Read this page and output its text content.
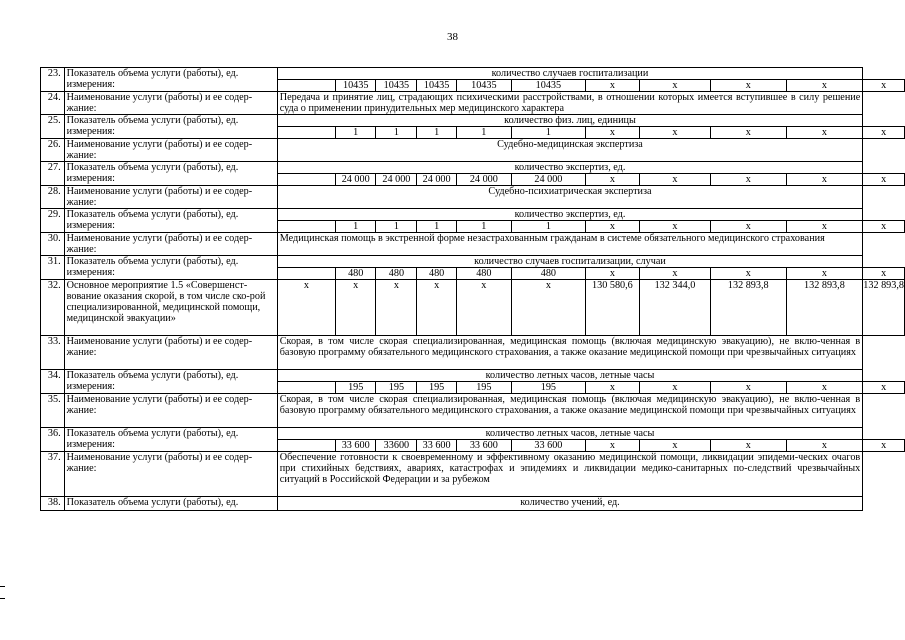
38
23.	Показатель объема услуги (работы), ед. измерения:	количество случаев госпитализации										
			10435	10435	10435	10435	10435	х	х	х	х	х
24.	Наименование услуги (работы) и ее содер-жание:	Передача и принятие лиц, страдающих психическими расстройствами, в отношении которых имеется вступившее в силу решение суда о применении принудительных мер медицинского характера										
25.	Показатель объема услуги (работы), ед. измерения:	количество физ. лиц, единицы										
			1	1	1	1	1	х	х	х	х	х
26.	Наименование услуги (работы) и ее содер-жание:	Судебно-медицинская экспертиза										
27.	Показатель объема услуги (работы), ед. измерения:	количество экспертиз, ед.										
			24 000	24 000	24 000	24 000	24 000	х	х	х	х	х
28.	Наименование услуги (работы) и ее содер-жание:	Судебно-психиатрическая экспертиза										
29.	Показатель объема услуги (работы), ед. измерения:	количество экспертиз, ед.										
			1	1	1	1	1	х	х	х	х	х
30.	Наименование услуги (работы) и ее содер-жание:	Медицинская помощь в экстренной форме незастрахованным гражданам в системе обязательного медицинского страхования										
31.	Показатель объема услуги (работы), ед. измерения:	количество случаев госпитализации, случаи										
			480	480	480	480	480	х	х	х	х	х
32.	Основное мероприятие 1.5 «Совершенст-вование оказания скорой, в том числе ско-рой специализированной, медицинской помощи, медицинской эвакуации»	х	х	х	х	х	х	130 580,6	132 344,0	132 893,8	132 893,8	132 893,8
33.	Наименование услуги (работы) и ее содер-жание:	Скорая, в том числе скорая специализированная, медицинская помощь (включая медицинскую эвакуацию), не вклю-ченная в базовую программу обязательного медицинского страхования, а также оказание медицинской помощи при чрезвычайных ситуациях										
34.	Показатель объема услуги (работы), ед. измерения:	количество летных часов, летные часы										
			195	195	195	195	195	х	х	х	х	х
35.	Наименование услуги (работы) и ее содер-жание:	Скорая, в том числе скорая специализированная, медицинская помощь (включая медицинскую эвакуацию), не вклю-ченная в базовую программу обязательного медицинского страхования, а также оказание медицинской помощи при чрезвычайных ситуациях										
36.	Показатель объема услуги (работы), ед. измерения:	количество летных часов, летные часы										
			33 600	33600	33 600	33 600	33 600	х	х	х	х	х
37.	Наименование услуги (работы) и ее содер-жание:	Обеспечение готовности к своевременному и эффективному оказанию медицинской помощи, ликвидации эпидеми-ческих очагов при стихийных бедствиях, авариях, катастрофах и эпидемиях и ликвидации медико-санитарных по-следствий чрезвычайных ситуаций в Российской Федерации и за рубежом										
38.	Показатель объема услуги (работы), ед.	количество учений, ед.										
